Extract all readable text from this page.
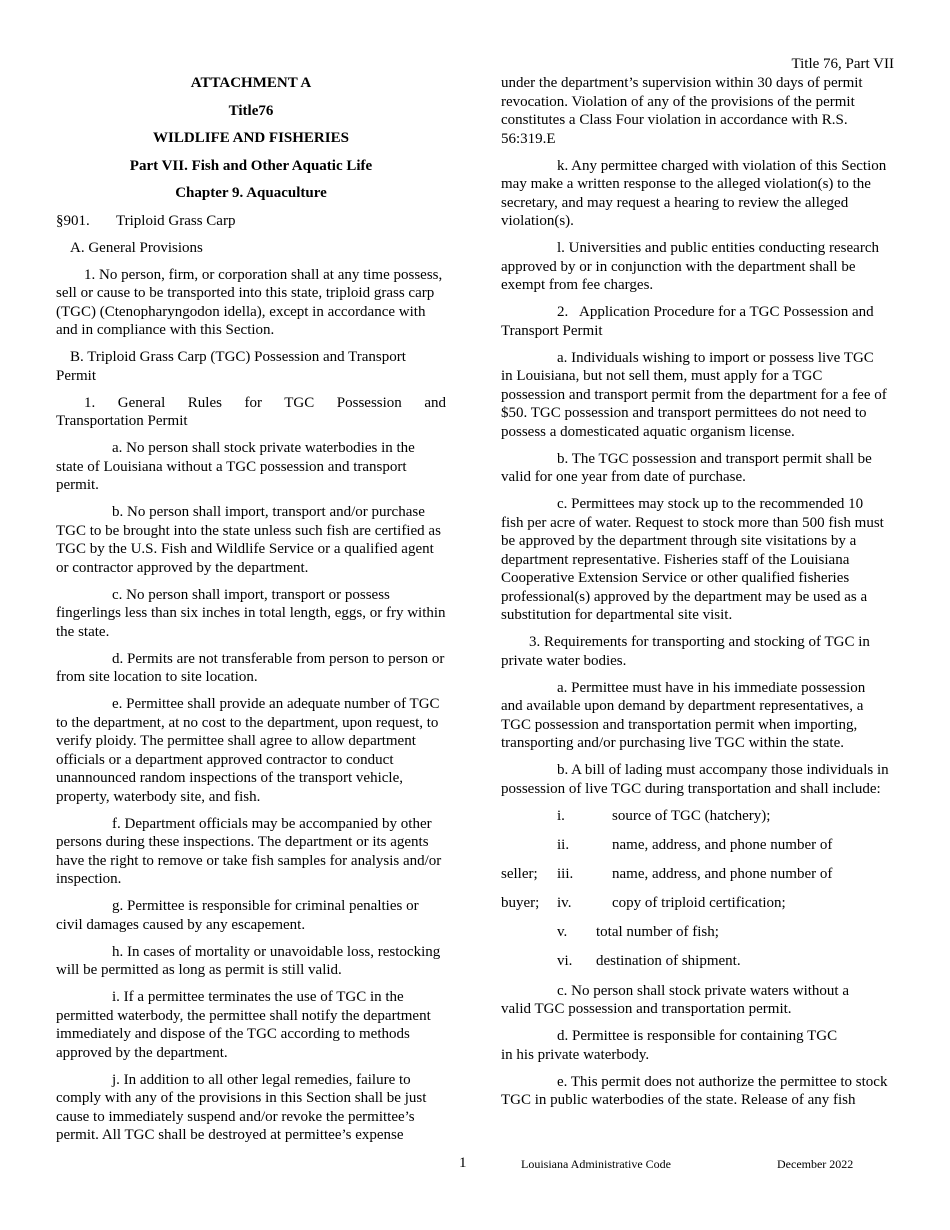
Title 76, Part VII

ATTACHMENT A

Title76

WILDLIFE AND FISHERIES

Part VII. Fish and Other Aquatic Life

Chapter 9. Aquaculture

§901. Triploid Grass Carp

A. General Provisions

1. No person, firm, or corporation shall at any time possess, sell or cause to be transported into this state, triploid grass carp (TGC) (Ctenopharyngodon idella), except in accordance with and in compliance with this Section.

B. Triploid Grass Carp (TGC) Possession and Transport Permit

1. General Rules for TGC Possession and
Transportation Permit

a. No person shall stock private waterbodies in the state of Louisiana without a TGC possession and transport permit.

b. No person shall import, transport and/or purchase TGC to be brought into the state unless such fish are certified as TGC by the U.S. Fish and Wildlife Service or a qualified agent or contractor approved by the department.

c. No person shall import, transport or possess fingerlings less than six inches in total length, eggs, or fry within the state.

d. Permits are not transferable from person to person or from site location to site location.

e. Permittee shall provide an adequate number of TGC to the department, at no cost to the department, upon request, to verify ploidy. The permittee shall agree to allow department officials or a department approved contractor to conduct unannounced random inspections of the transport vehicle, property, waterbody site, and fish.

f. Department officials may be accompanied by other persons during these inspections. The department or its agents have the right to remove or take fish samples for analysis and/or inspection.

g. Permittee is responsible for criminal penalties or civil damages caused by any escapement.

h. In cases of mortality or unavoidable loss, restocking will be permitted as long as permit is still valid.

i. If a permittee terminates the use of TGC in the permitted waterbody, the permittee shall notify the department immediately and dispose of the TGC according to methods approved by the department.

j. In addition to all other legal remedies, failure to comply with any of the provisions in this Section shall be just cause to immediately suspend and/or revoke the permittee’s permit. All TGC shall be destroyed at permittee’s expense

under the department’s supervision within 30 days of permit revocation. Violation of any of the provisions of the permit constitutes a Class Four violation in accordance with R.S. 56:319.E

k. Any permittee charged with violation of this Section may make a written response to the alleged violation(s) to the secretary, and may request a hearing to review the alleged violation(s).

l. Universities and public entities conducting research approved by or in conjunction with the department shall be exempt from fee charges.

2. Application Procedure for a TGC Possession and Transport Permit

a. Individuals wishing to import or possess live TGC in Louisiana, but not sell them, must apply for a TGC possession and transport permit from the department for a fee of $50. TGC possession and transport permittees do not need to possess a domesticated aquatic organism license.

b. The TGC possession and transport permit shall be valid for one year from date of purchase.

c. Permittees may stock up to the recommended 10 fish per acre of water. Request to stock more than 500 fish must be approved by the department through site visitations by a department representative. Fisheries staff of the Louisiana Cooperative Extension Service or other qualified fisheries professional(s) approved by the department may be used as a substitution for departmental site visit.

3. Requirements for transporting and stocking of TGC in private water bodies.

a. Permittee must have in his immediate possession and available upon demand by department representatives, a TGC possession and transportation permit when importing, transporting and/or purchasing live TGC within the state.

b. A bill of lading must accompany those individuals in possession of live TGC during transportation and shall include:

i.	source of TGC (hatchery);
ii.	name, address, and phone number of
seller; iii.	name, address, and phone number of
buyer; iv.	copy of triploid certification;
v. total number of fish;
vi. destination of shipment.

c. No person shall stock private waters without a valid TGC possession and transportation permit.

d. Permittee is responsible for containing TGC in his private waterbody.

e. This permit does not authorize the permittee to stock TGC in public waterbodies of the state. Release of any fish

1	Louisiana Administrative Code	December 2022
